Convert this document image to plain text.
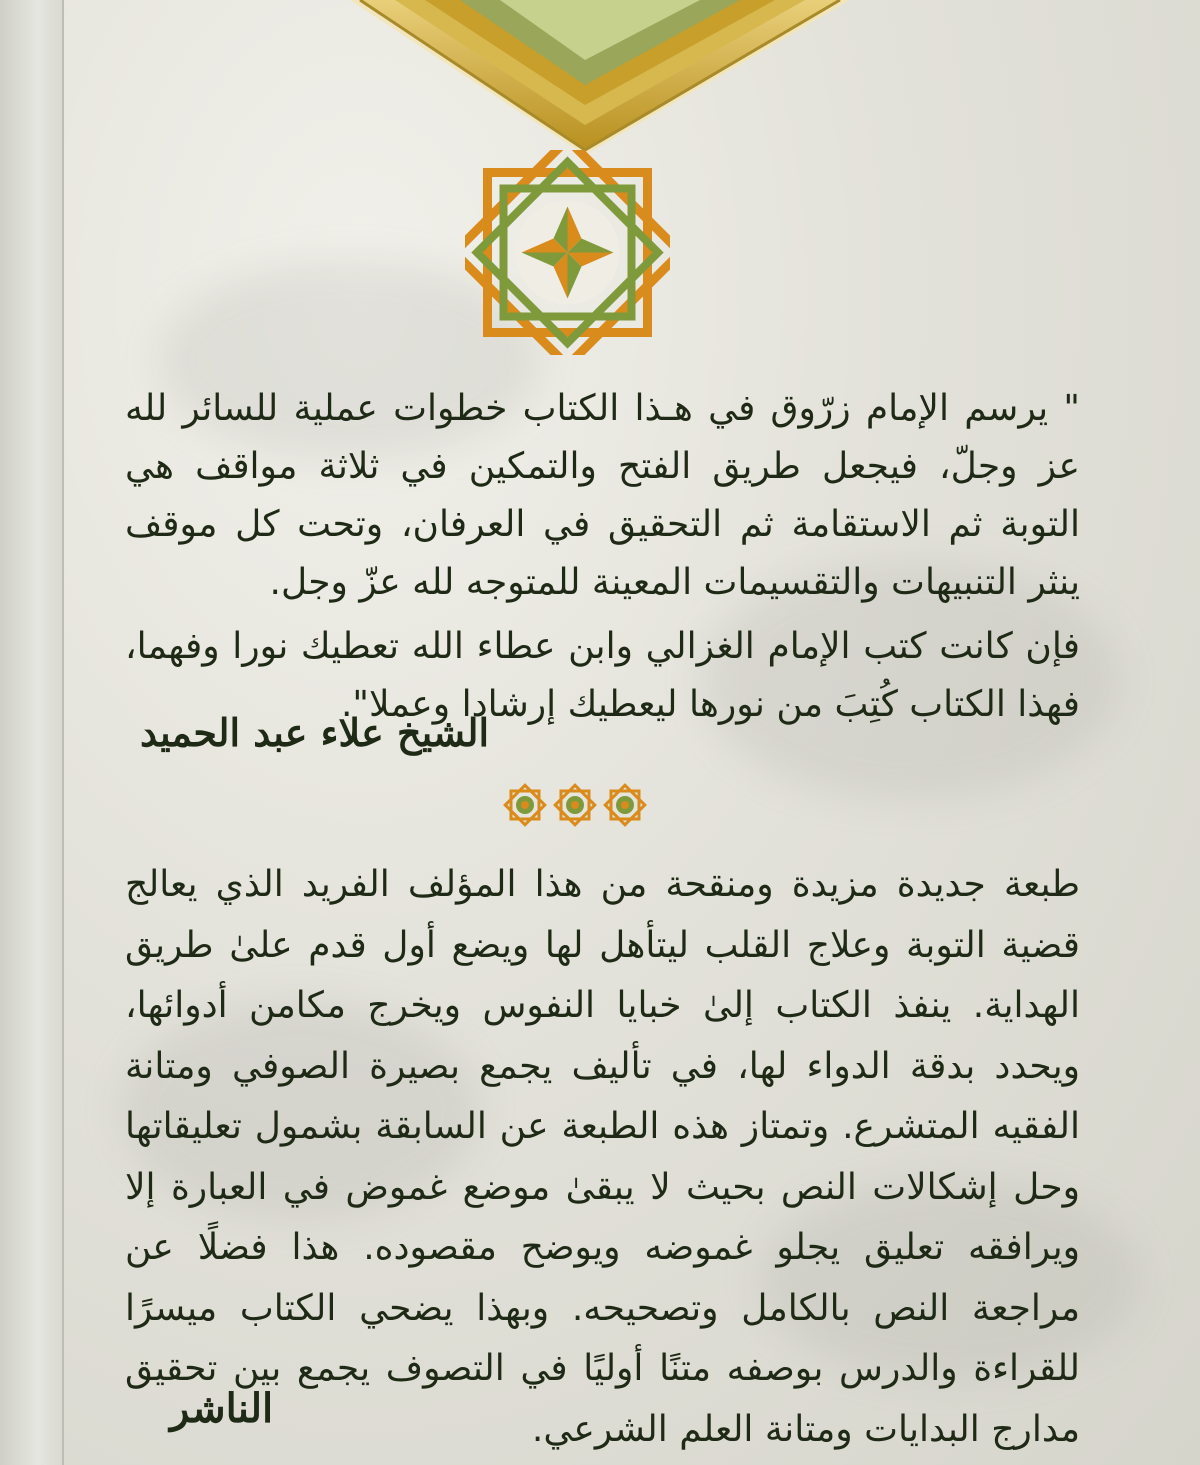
" يرسم الإمام زرّوق في هـذا الكتاب خطوات عملية للسائر لله عز وجلّ، فيجعل طريق الفتح والتمكين في ثلاثة مواقف هي التوبة ثم الاستقامة ثم التحقيق في العرفان، وتحت كل موقف ينثر التنبيهات والتقسيمات المعينة للمتوجه لله عزّ وجل.

فإن كانت كتب الإمام الغزالي وابن عطاء الله تعطيك نورا وفهما، فهذا الكتاب كُتِبَ من نورها ليعطيك إرشادا وعملا".

الشيخ علاء عبد الحميد
طبعة جديدة مزيدة ومنقحة من هذا المؤلف الفريد الذي يعالج قضية التوبة وعلاج القلب ليتأهل لها ويضع أول قدم علىٰ طريق الهداية. ينفذ الكتاب إلىٰ خبايا النفوس ويخرج مكامن أدوائها، ويحدد بدقة الدواء لها، في تأليف يجمع بصيرة الصوفي ومتانة الفقيه المتشرع. وتمتاز هذه الطبعة عن السابقة بشمول تعليقاتها وحل إشكالات النص بحيث لا يبقىٰ موضع غموض في العبارة إلا ويرافقه تعليق يجلو غموضه ويوضح مقصوده. هذا فضلًا عن مراجعة النص بالكامل وتصحيحه. وبهذا يضحي الكتاب ميسرًا للقراءة والدرس بوصفه متنًا أوليًا في التصوف يجمع بين تحقيق مدارج البدايات ومتانة العلم الشرعي.
الناشر
